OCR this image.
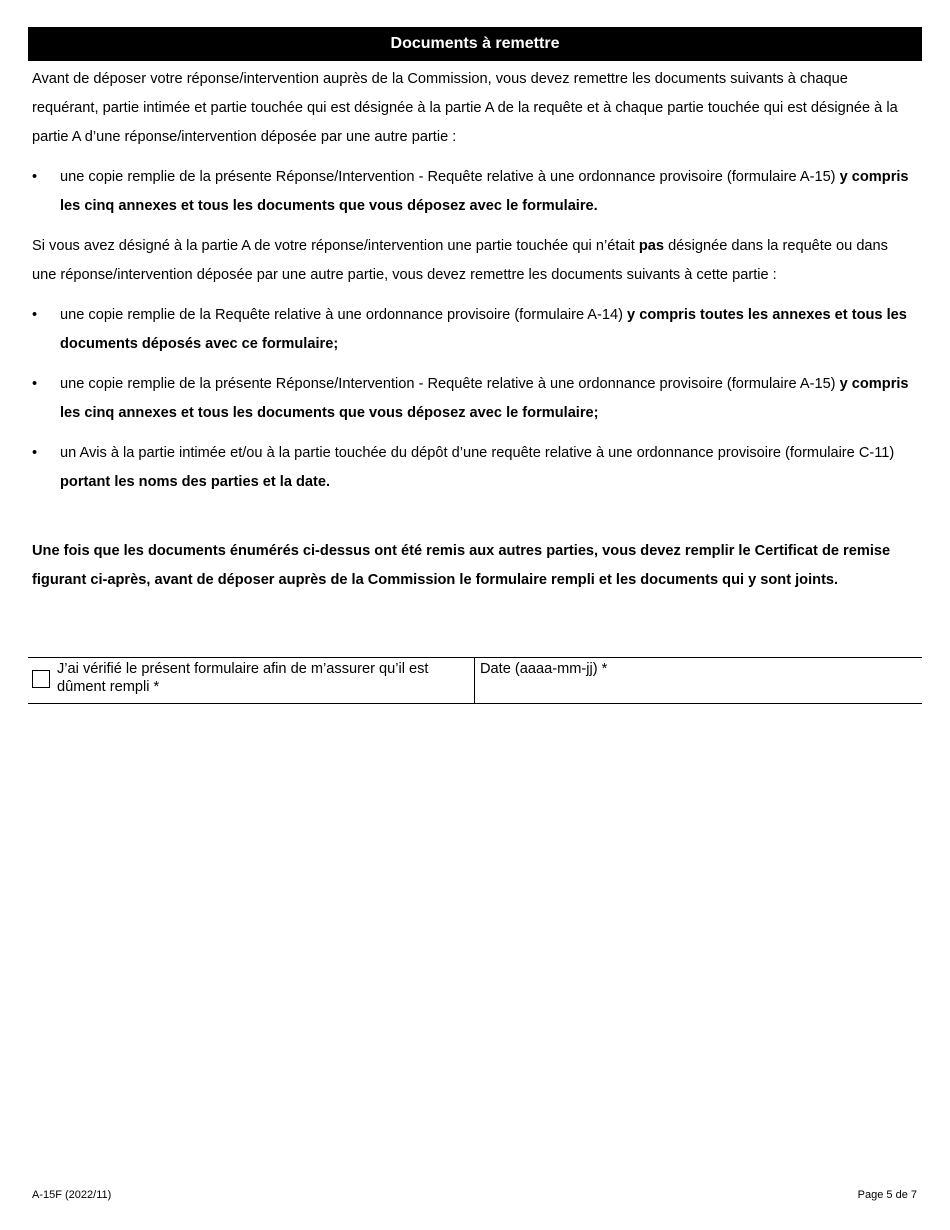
Documents à remettre

Avant de déposer votre réponse/intervention auprès de la Commission, vous devez remettre les documents suivants à chaque requérant, partie intimée et partie touchée qui est désignée à la partie A de la requête et à chaque partie touchée qui est désignée à la partie A d’une réponse/intervention déposée par une autre partie :

•	une copie remplie de la présente Réponse/Intervention - Requête relative à une ordonnance provisoire (formulaire A-15) y compris les cinq annexes et tous les documents que vous déposez avec le formulaire.

Si vous avez désigné à la partie A de votre réponse/intervention une partie touchée qui n’était pas désignée dans la requête ou dans une réponse/intervention déposée par une autre partie, vous devez remettre les documents suivants à cette partie :

•	une copie remplie de la Requête relative à une ordonnance provisoire (formulaire A-14) y compris toutes les annexes et tous les documents déposés avec ce formulaire;
•	une copie remplie de la présente Réponse/Intervention - Requête relative à une ordonnance provisoire (formulaire A-15) y compris les cinq annexes et tous les documents que vous déposez avec le formulaire;
•	un Avis à la partie intimée et/ou à la partie touchée du dépôt d’une requête relative à une ordonnance provisoire (formulaire C-11) portant les noms des parties et la date.
Une fois que les documents énumérés ci-dessus ont été remis aux autres parties, vous devez remplir le Certificat de remise figurant ci-après, avant de déposer auprès de la Commission le formulaire rempli et les documents qui y sont joints.
J’ai vérifié le présent formulaire afin de m’assurer qu’il est dûment rempli *
Date (aaaa-mm-jj) *
A-15F (2022/11)	Page 5 de 7
